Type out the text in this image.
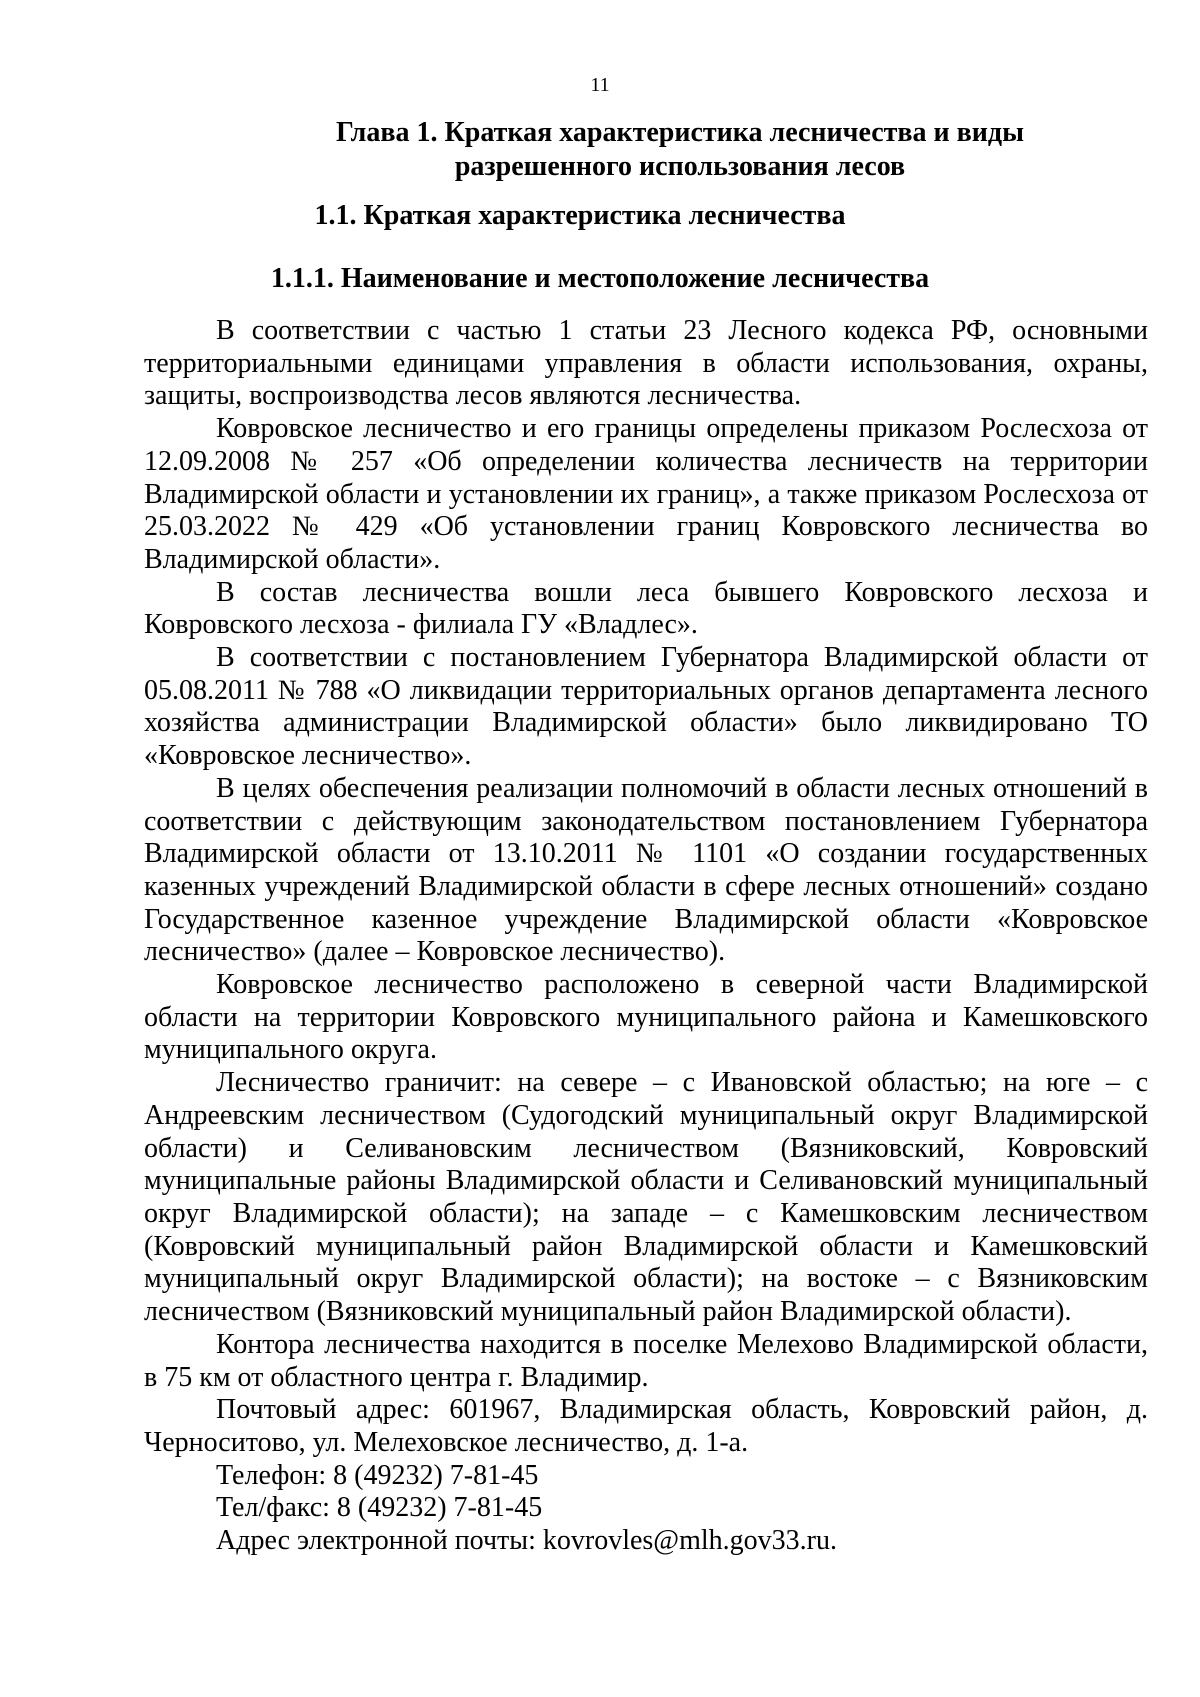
11
Глава 1. Краткая характеристика лесничества и виды разрешенного использования лесов
1.1. Краткая характеристика лесничества
1.1.1. Наименование и местоположение лесничества

В соответствии с частью 1 статьи 23 Лесного кодекса РФ, основными территориальными единицами управления в области использования, охраны, защиты, воспроизводства лесов являются лесничества.

Ковровское лесничество и его границы определены приказом Рослесхоза от 12.09.2008 № 257 «Об определении количества лесничеств на территории Владимирской области и установлении их границ», а также приказом Рослесхоза от 25.03.2022 № 429 «Об установлении границ Ковровского лесничества во Владимирской области».

В состав лесничества вошли леса бывшего Ковровского лесхоза и Ковровского лесхоза - филиала ГУ «Владлес».

В соответствии с постановлением Губернатора Владимирской области от 05.08.2011 № 788 «О ликвидации территориальных органов департамента лесного хозяйства администрации Владимирской области» было ликвидировано ТО «Ковровское лесничество».

В целях обеспечения реализации полномочий в области лесных отношений в соответствии с действующим законодательством постановлением Губернатора Владимирской области от 13.10.2011 № 1101 «О создании государственных казенных учреждений Владимирской области в сфере лесных отношений» создано Государственное казенное учреждение Владимирской области «Ковровское лесничество» (далее – Ковровское лесничество).

Ковровское лесничество расположено в северной части Владимирской области на территории Ковровского муниципального района и Камешковского муниципального округа.

Лесничество граничит: на севере – с Ивановской областью; на юге – с Андреевским лесничеством (Судогодский муниципальный округ Владимирской области) и Селивановским лесничеством (Вязниковский, Ковровский муниципальные районы Владимирской области и Селивановский муниципальный округ Владимирской области); на западе – с Камешковским лесничеством (Ковровский муниципальный район Владимирской области и Камешковский муниципальный округ Владимирской области); на востоке – с Вязниковским лесничеством (Вязниковский муниципальный район Владимирской области).

Контора лесничества находится в поселке Мелехово Владимирской области, в 75 км от областного центра г. Владимир.

Почтовый адрес: 601967, Владимирская область, Ковровский район, д. Черноситово, ул. Мелеховское лесничество, д. 1-а.

Телефон: 8 (49232) 7-81-45

Тел/факс: 8 (49232) 7-81-45

Адрес электронной почты: kovrovles@mlh.gov33.ru.
